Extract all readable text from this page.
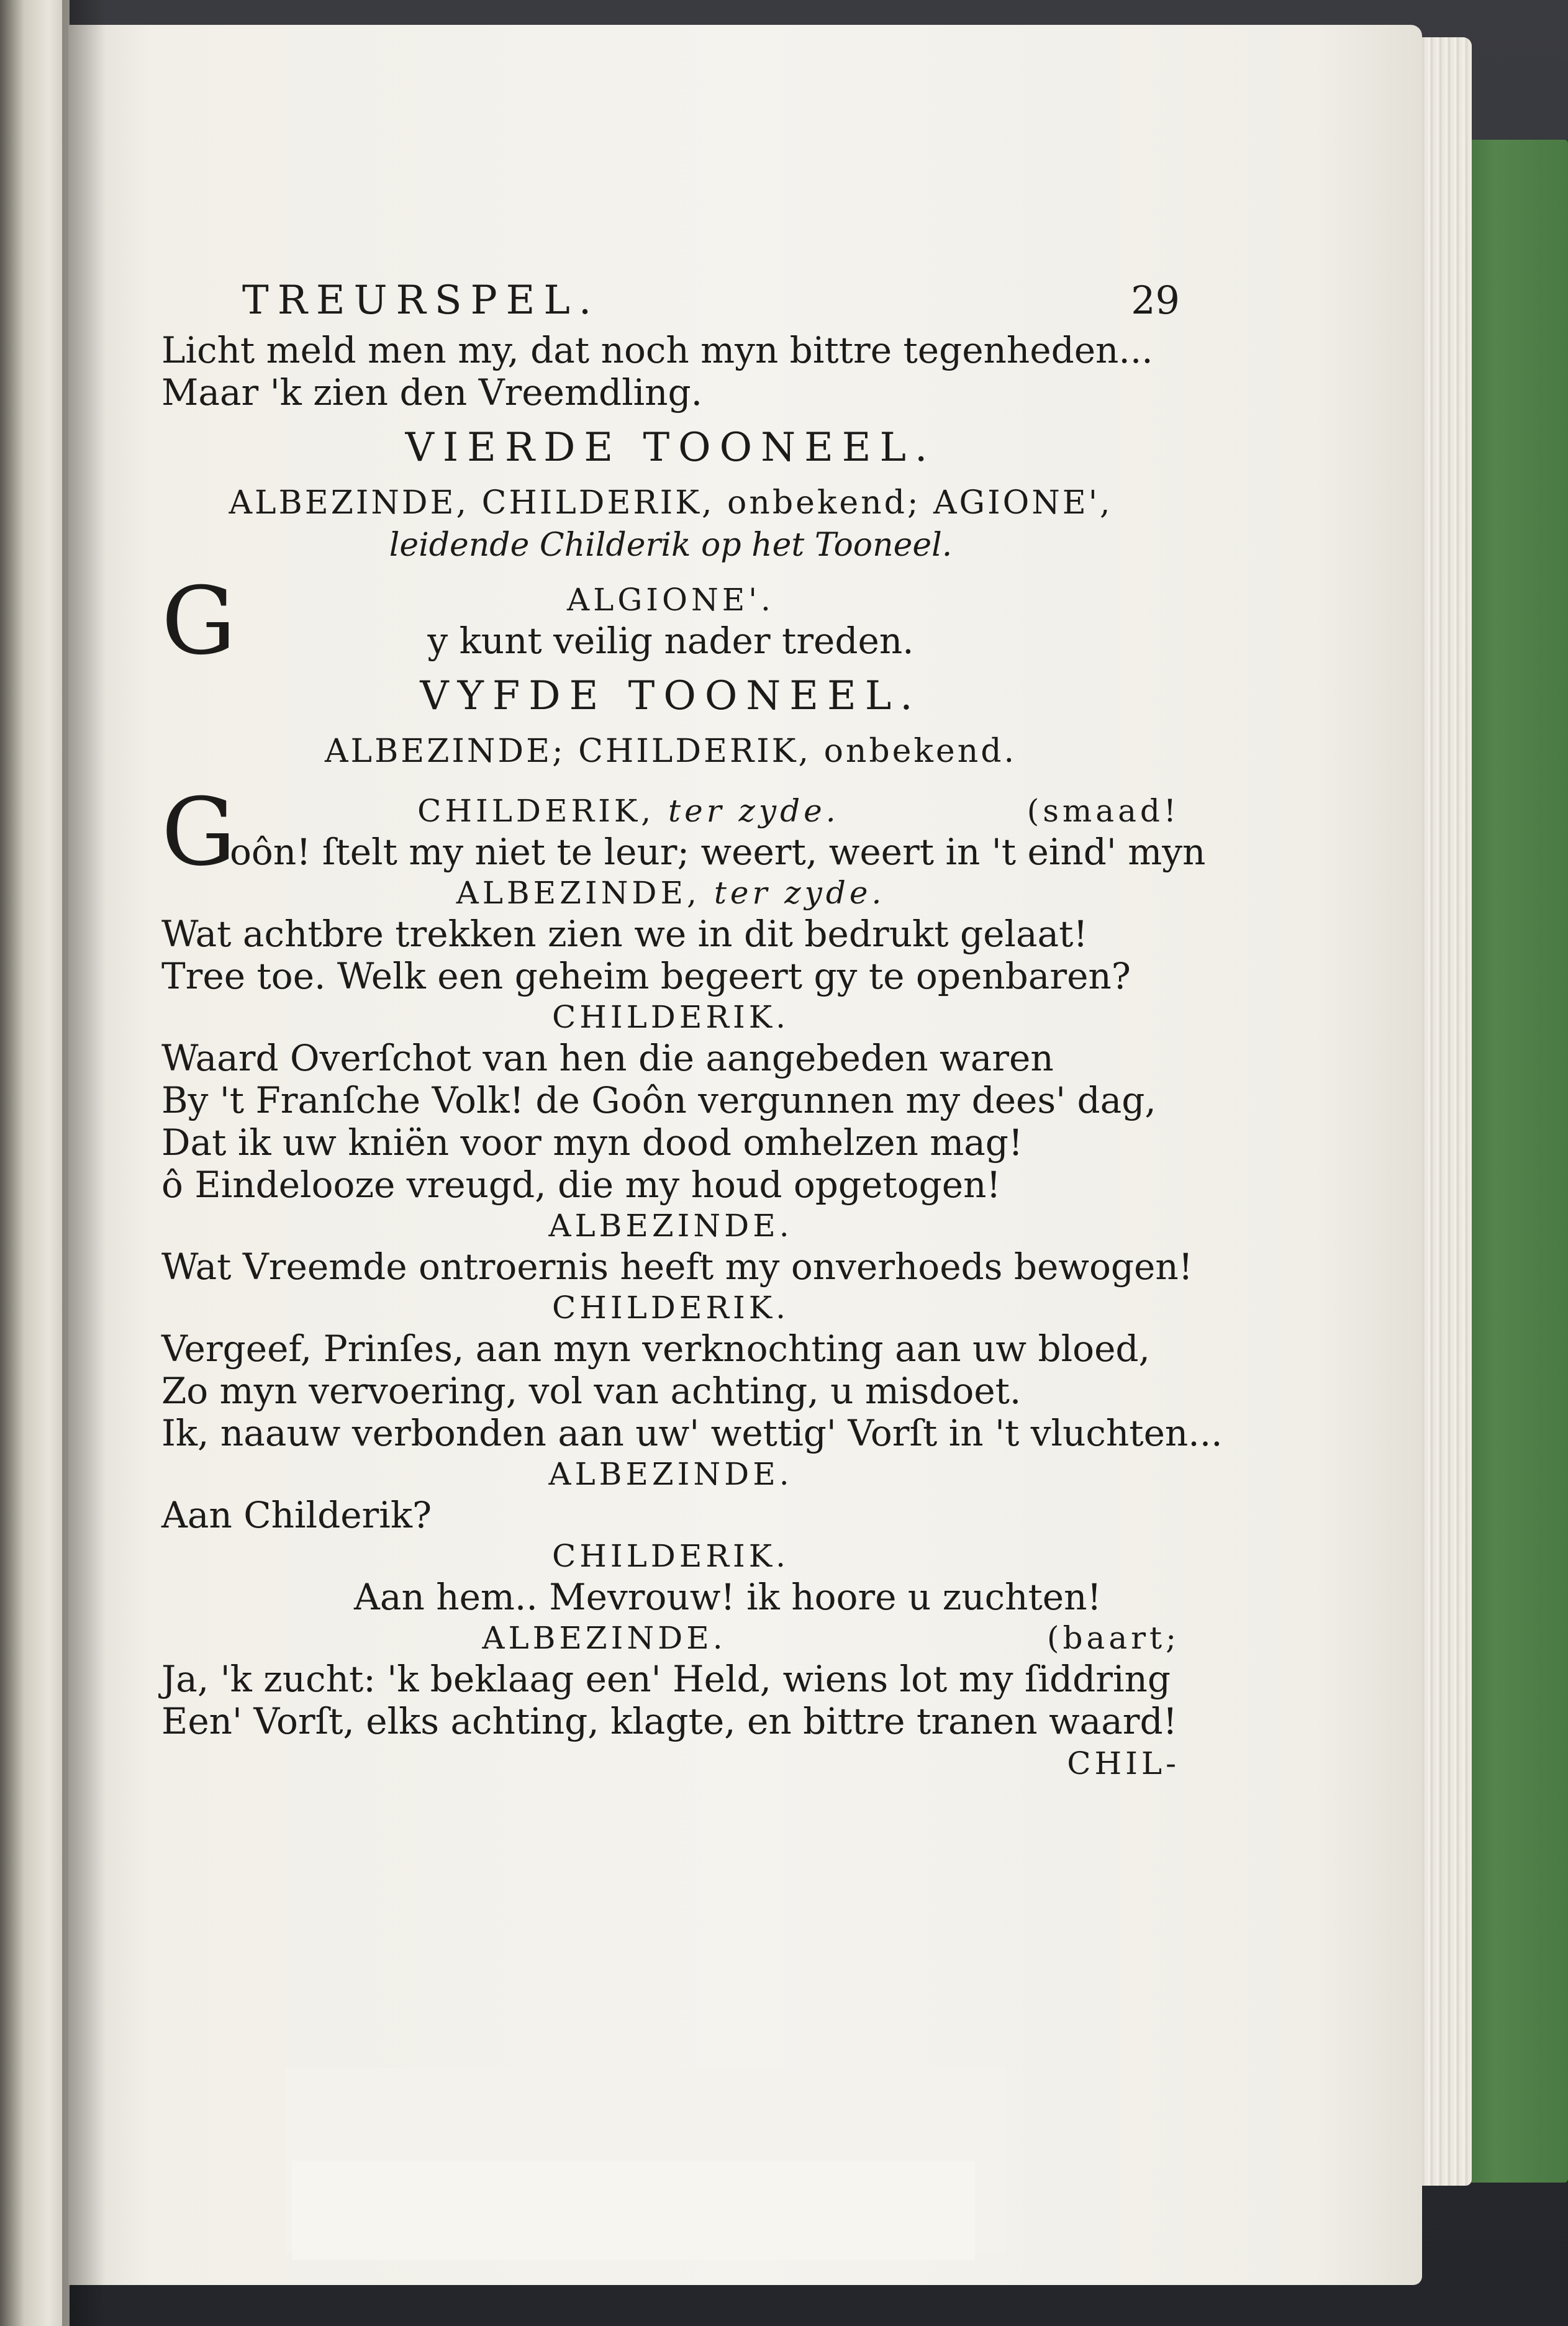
TREURSPEL.	29
Licht meld men my, dat noch myn bittre tegenheden...
Maar 'k zien den Vreemdling.
VIERDE TOONEEL.
ALBEZINDE, CHILDERIK, onbekend; AGIONE',
leidende Childerik op het Tooneel.
G	ALGIONE'.
y kunt veilig nader treden.
VYFDE TOONEEL.
ALBEZINDE; CHILDERIK, onbekend.
G	CHILDERIK, ter zyde.	(smaad!
oôn! ſtelt my niet te leur; weert, weert in 't eind' myn
ALBEZINDE, ter zyde.
Wat achtbre trekken zien we in dit bedrukt gelaat!
Tree toe. Welk een geheim begeert gy te openbaren?
CHILDERIK.
Waard Overſchot van hen die aangebeden waren
By 't Franſche Volk! de Goôn vergunnen my dees' dag,
Dat ik uw kniën voor myn dood omhelzen mag!
ô Eindelooze vreugd, die my houd opgetogen!
ALBEZINDE.
Wat Vreemde ontroernis heeft my onverhoeds bewogen!
CHILDERIK.
Vergeef, Prinſes, aan myn verknochting aan uw bloed,
Zo myn vervoering, vol van achting, u misdoet.
Ik, naauw verbonden aan uw' wettig' Vorſt in 't vluchten...
ALBEZINDE.
Aan Childerik?
CHILDERIK.
Aan hem.. Mevrouw! ik hoore u zuchten!
ALBEZINDE.	(baart;
Ja, 'k zucht: 'k beklaag een' Held, wiens lot my ſiddring
Een' Vorſt, elks achting, klagte, en bittre tranen waard!
CHIL-
